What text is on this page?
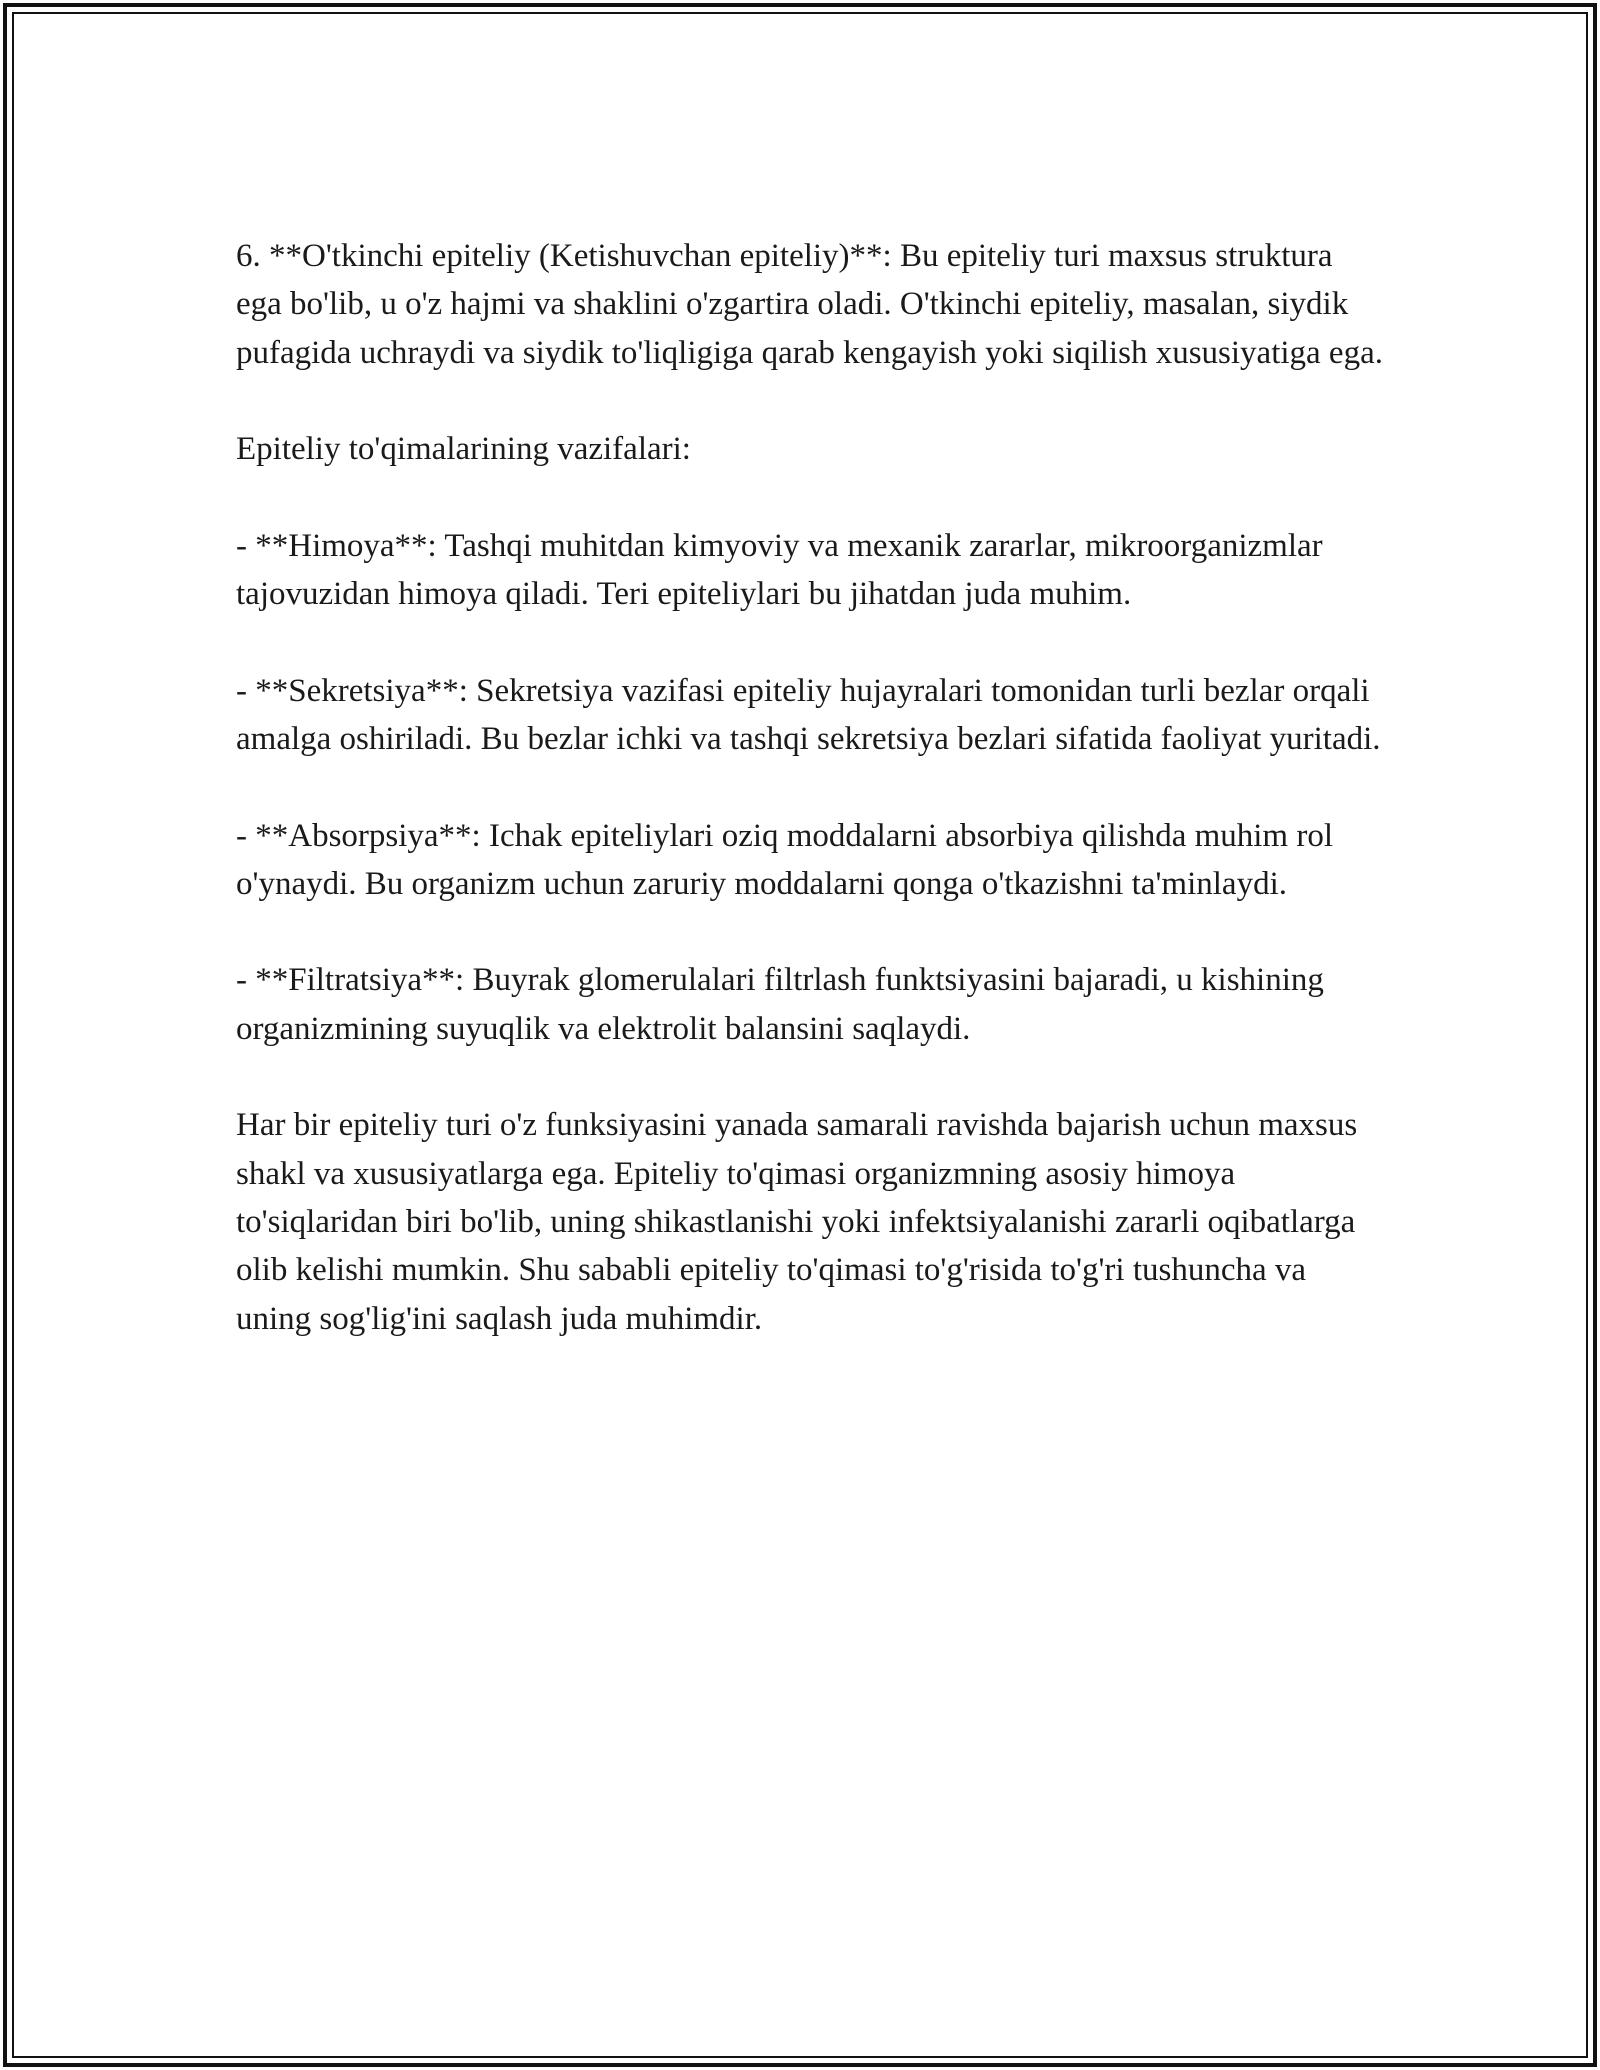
6. **O'tkinchi epiteliy (Ketishuvchan epiteliy)**: Bu epiteliy turi maxsus struktura ega bo'lib, u o'z hajmi va shaklini o'zgartira oladi. O'tkinchi epiteliy, masalan, siydik pufagida uchraydi va siydik to'liqligiga qarab kengayish yoki siqilish xususiyatiga ega.

Epiteliy to'qimalarining vazifalari:

- **Himoya**: Tashqi muhitdan kimyoviy va mexanik zararlar, mikroorganizmlar tajovuzidan himoya qiladi. Teri epiteliylari bu jihatdan juda muhim.

- **Sekretsiya**: Sekretsiya vazifasi epiteliy hujayralari tomonidan turli bezlar orqali amalga oshiriladi. Bu bezlar ichki va tashqi sekretsiya bezlari sifatida faoliyat yuritadi.

- **Absorpsiya**: Ichak epiteliylari oziq moddalarni absorbiya qilishda muhim rol o'ynaydi. Bu organizm uchun zaruriy moddalarni qonga o'tkazishni ta'minlaydi.

- **Filtratsiya**: Buyrak glomerulalari filtrlash funktsiyasini bajaradi, u kishining organizmining suyuqlik va elektrolit balansini saqlaydi.

Har bir epiteliy turi o'z funksiyasini yanada samarali ravishda bajarish uchun maxsus shakl va xususiyatlarga ega. Epiteliy to'qimasi organizmning asosiy himoya to'siqlaridan biri bo'lib, uning shikastlanishi yoki infektsiyalanishi zararli oqibatlarga olib kelishi mumkin. Shu sababli epiteliy to'qimasi to'g'risida to'g'ri tushuncha va uning sog'lig'ini saqlash juda muhimdir.
